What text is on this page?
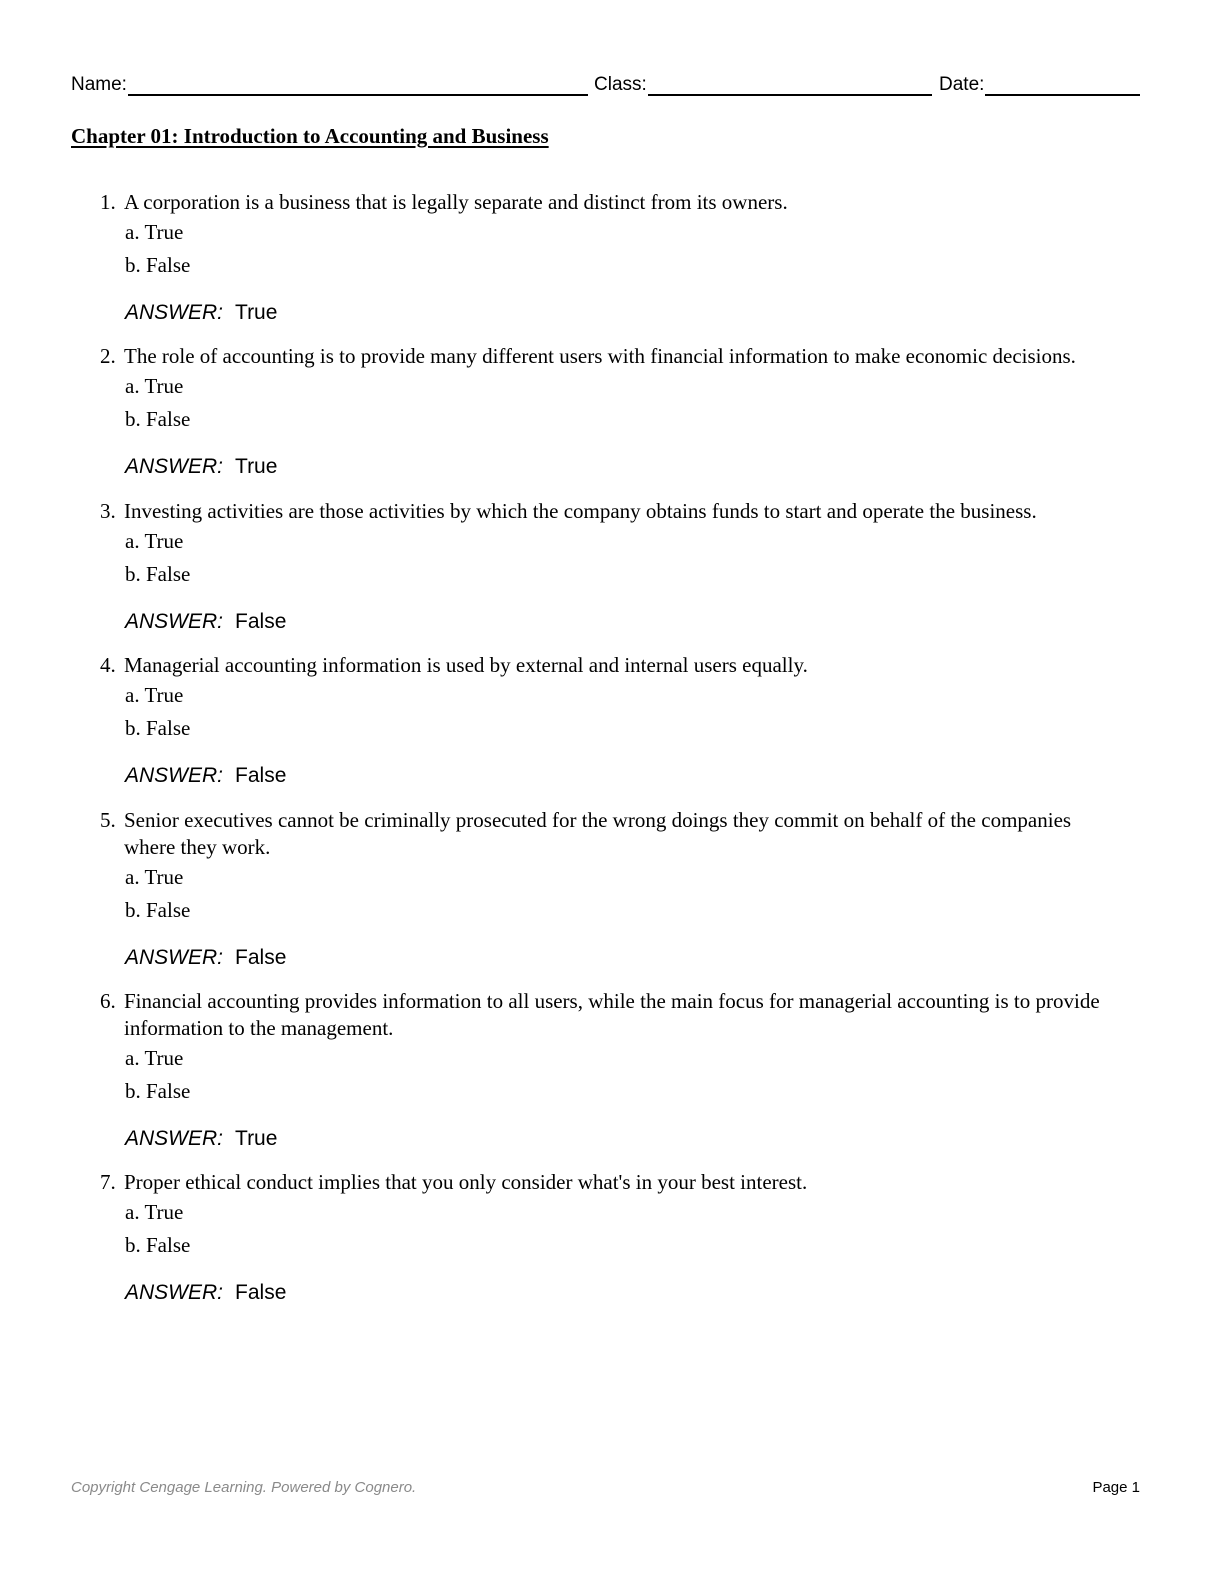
Name:	Class:	Date:
Chapter 01: Introduction to Accounting and Business
1. A corporation is a business that is legally separate and distinct from its owners.
a. True
b. False
ANSWER: True
2. The role of accounting is to provide many different users with financial information to make economic decisions.
a. True
b. False
ANSWER: True
3. Investing activities are those activities by which the company obtains funds to start and operate the business.
a. True
b. False
ANSWER: False
4. Managerial accounting information is used by external and internal users equally.
a. True
b. False
ANSWER: False
5. Senior executives cannot be criminally prosecuted for the wrong doings they commit on behalf of the companies where they work.
a. True
b. False
ANSWER: False
6. Financial accounting provides information to all users, while the main focus for managerial accounting is to provide information to the management.
a. True
b. False
ANSWER: True
7. Proper ethical conduct implies that you only consider what's in your best interest.
a. True
b. False
ANSWER: False
Copyright Cengage Learning. Powered by Cognero.	Page 1
